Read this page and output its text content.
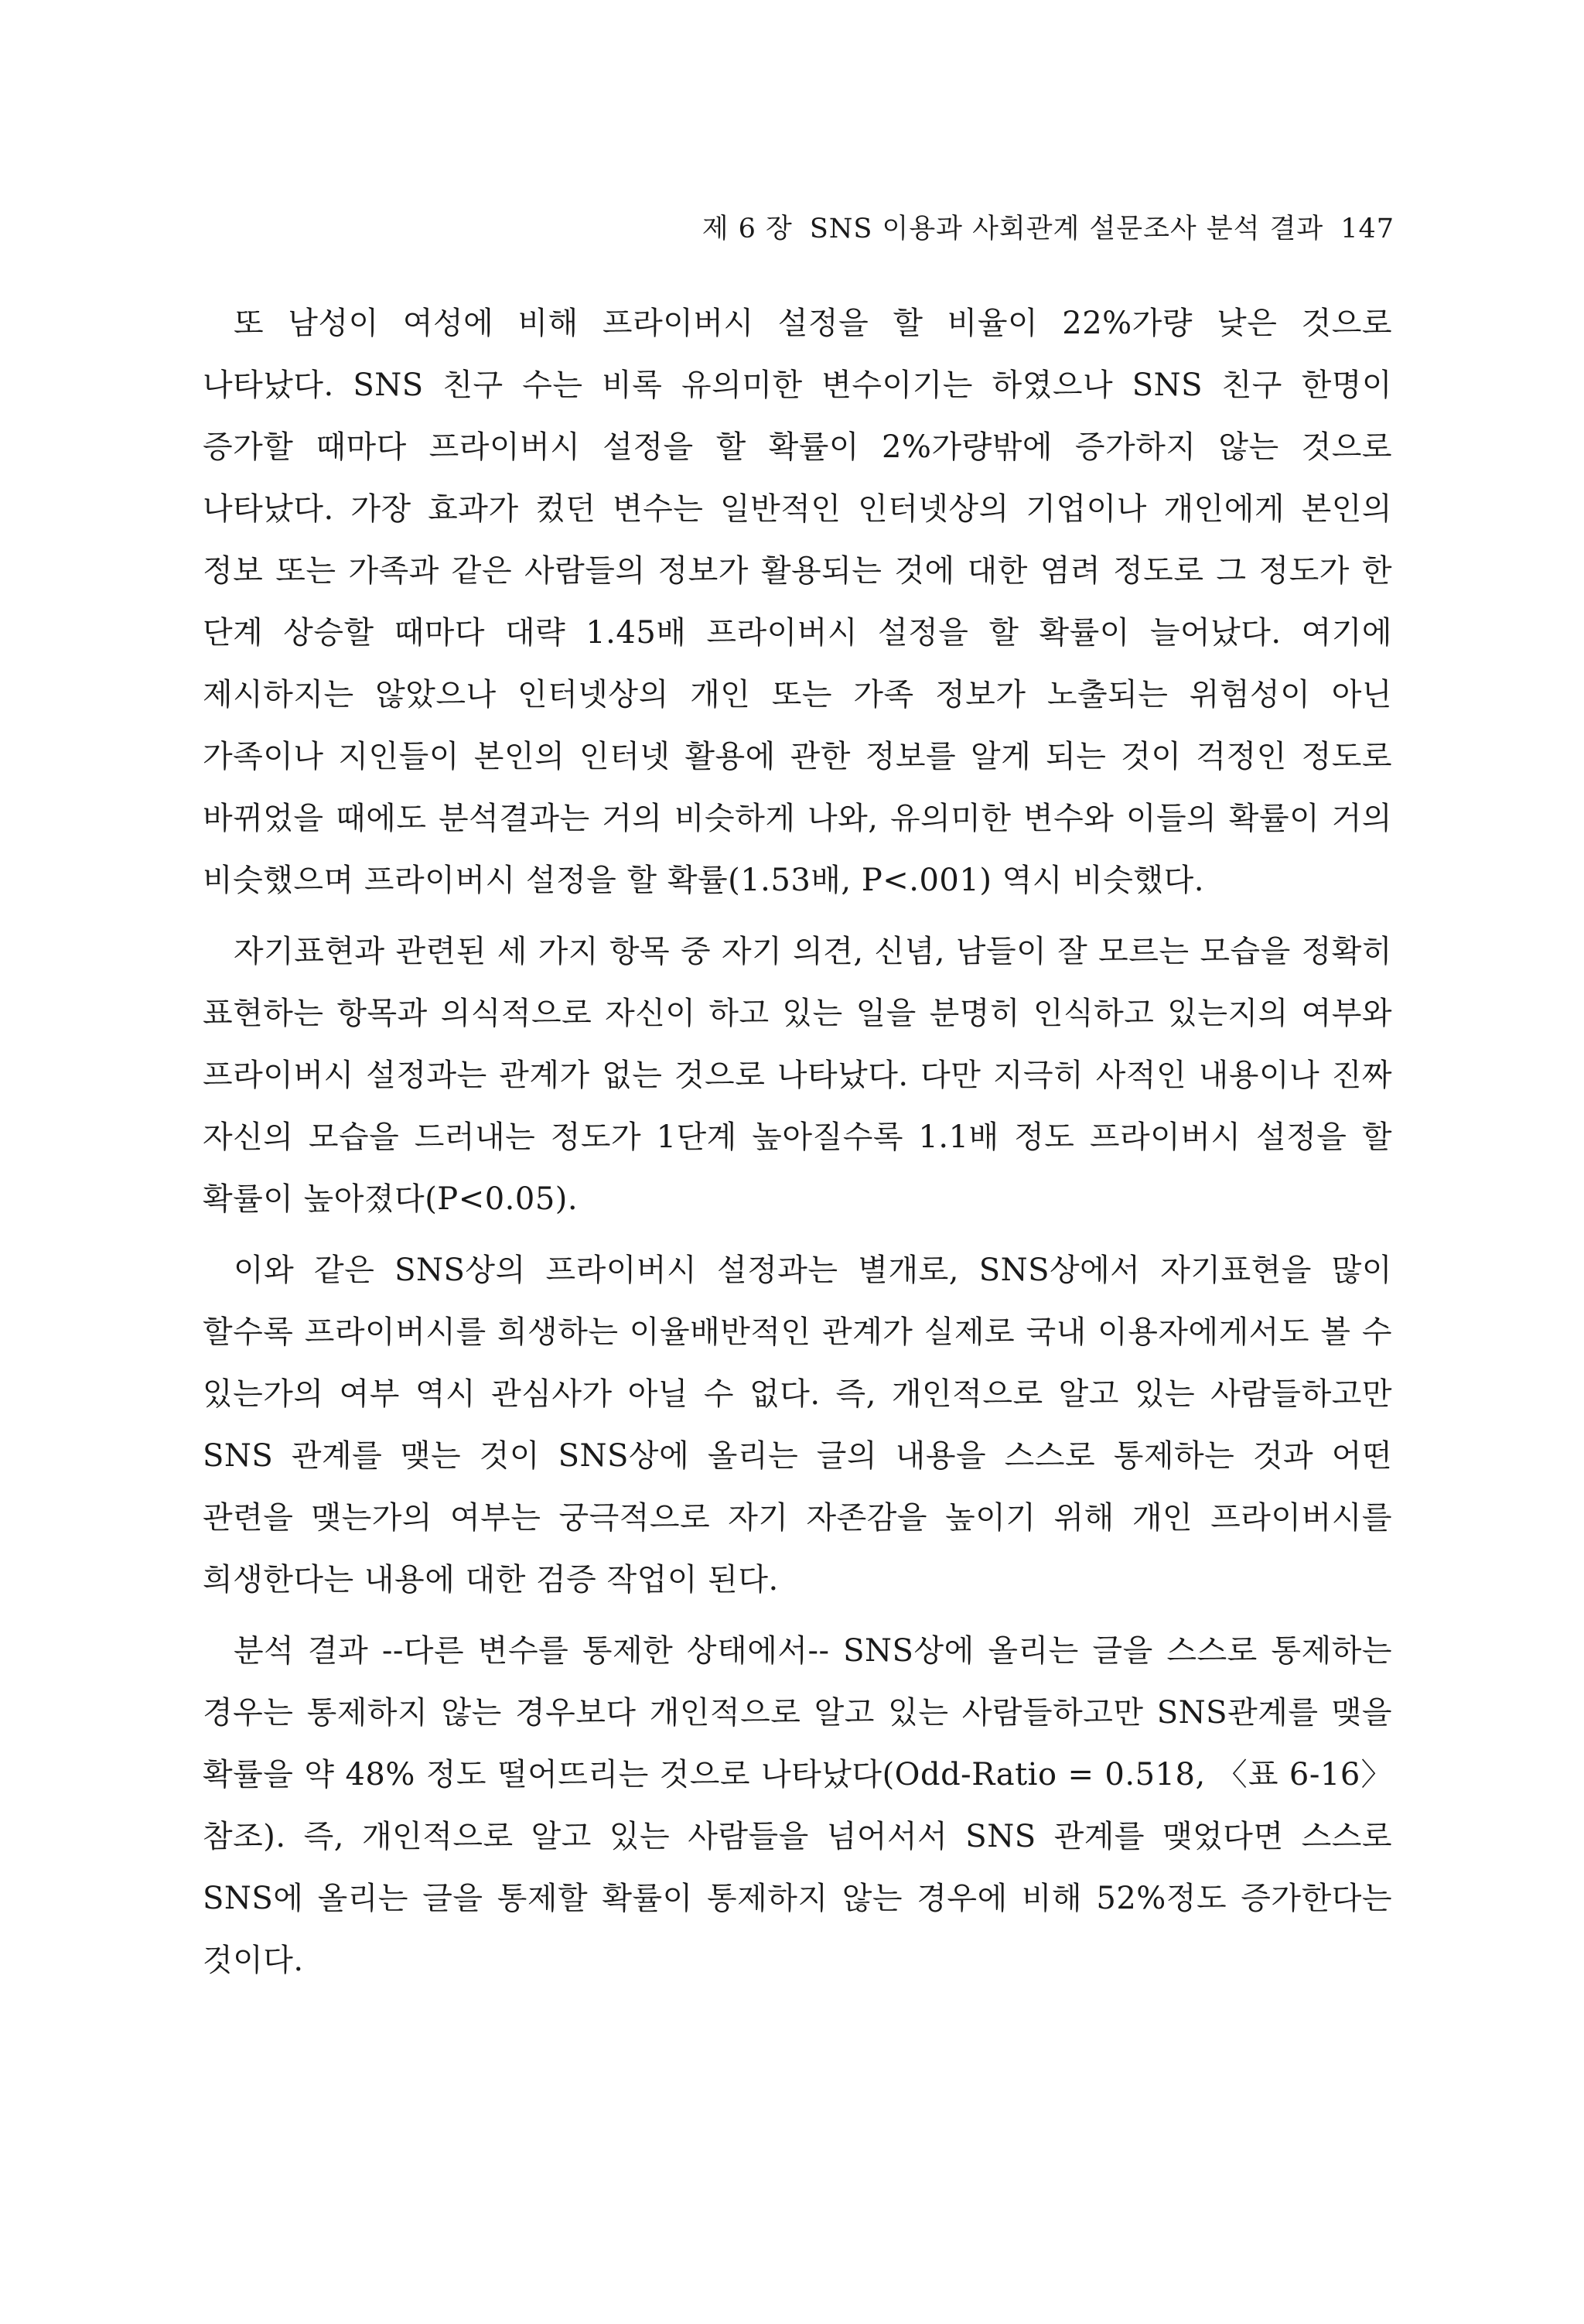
제 6 장 SNS 이용과 사회관계 설문조사 분석 결과 147

또 남성이 여성에 비해 프라이버시 설정을 할 비율이 22%가량 낮은 것으로 나타났다. SNS 친구 수는 비록 유의미한 변수이기는 하였으나 SNS 친구 한명이 증가할 때마다 프라이버시 설정을 할 확률이 2%가량밖에 증가하지 않는 것으로 나타났다. 가장 효과가 컸던 변수는 일반적인 인터넷상의 기업이나 개인에게 본인의 정보 또는 가족과 같은 사람들의 정보가 활용되는 것에 대한 염려 정도로 그 정도가 한 단계 상승할 때마다 대략 1.45배 프라이버시 설정을 할 확률이 늘어났다. 여기에 제시하지는 않았으나 인터넷상의 개인 또는 가족 정보가 노출되는 위험성이 아닌 가족이나 지인들이 본인의 인터넷 활용에 관한 정보를 알게 되는 것이 걱정인 정도로 바뀌었을 때에도 분석결과는 거의 비슷하게 나와, 유의미한 변수와 이들의 확률이 거의 비슷했으며 프라이버시 설정을 할 확률(1.53배, P<.001) 역시 비슷했다.

자기표현과 관련된 세 가지 항목 중 자기 의견, 신념, 남들이 잘 모르는 모습을 정확히 표현하는 항목과 의식적으로 자신이 하고 있는 일을 분명히 인식하고 있는지의 여부와 프라이버시 설정과는 관계가 없는 것으로 나타났다. 다만 지극히 사적인 내용이나 진짜 자신의 모습을 드러내는 정도가 1단계 높아질수록 1.1배 정도 프라이버시 설정을 할 확률이 높아졌다(P<0.05).

이와 같은 SNS상의 프라이버시 설정과는 별개로, SNS상에서 자기표현을 많이 할수록 프라이버시를 희생하는 이율배반적인 관계가 실제로 국내 이용자에게서도 볼 수 있는가의 여부 역시 관심사가 아닐 수 없다. 즉, 개인적으로 알고 있는 사람들하고만 SNS 관계를 맺는 것이 SNS상에 올리는 글의 내용을 스스로 통제하는 것과 어떤 관련을 맺는가의 여부는 궁극적으로 자기 자존감을 높이기 위해 개인 프라이버시를 희생한다는 내용에 대한 검증 작업이 된다.

분석 결과 --다른 변수를 통제한 상태에서-- SNS상에 올리는 글을 스스로 통제하는 경우는 통제하지 않는 경우보다 개인적으로 알고 있는 사람들하고만 SNS관계를 맺을 확률을 약 48% 정도 떨어뜨리는 것으로 나타났다(Odd-Ratio = 0.518, 〈표 6-16〉 참조). 즉, 개인적으로 알고 있는 사람들을 넘어서서 SNS 관계를 맺었다면 스스로 SNS에 올리는 글을 통제할 확률이 통제하지 않는 경우에 비해 52%정도 증가한다는 것이다.
